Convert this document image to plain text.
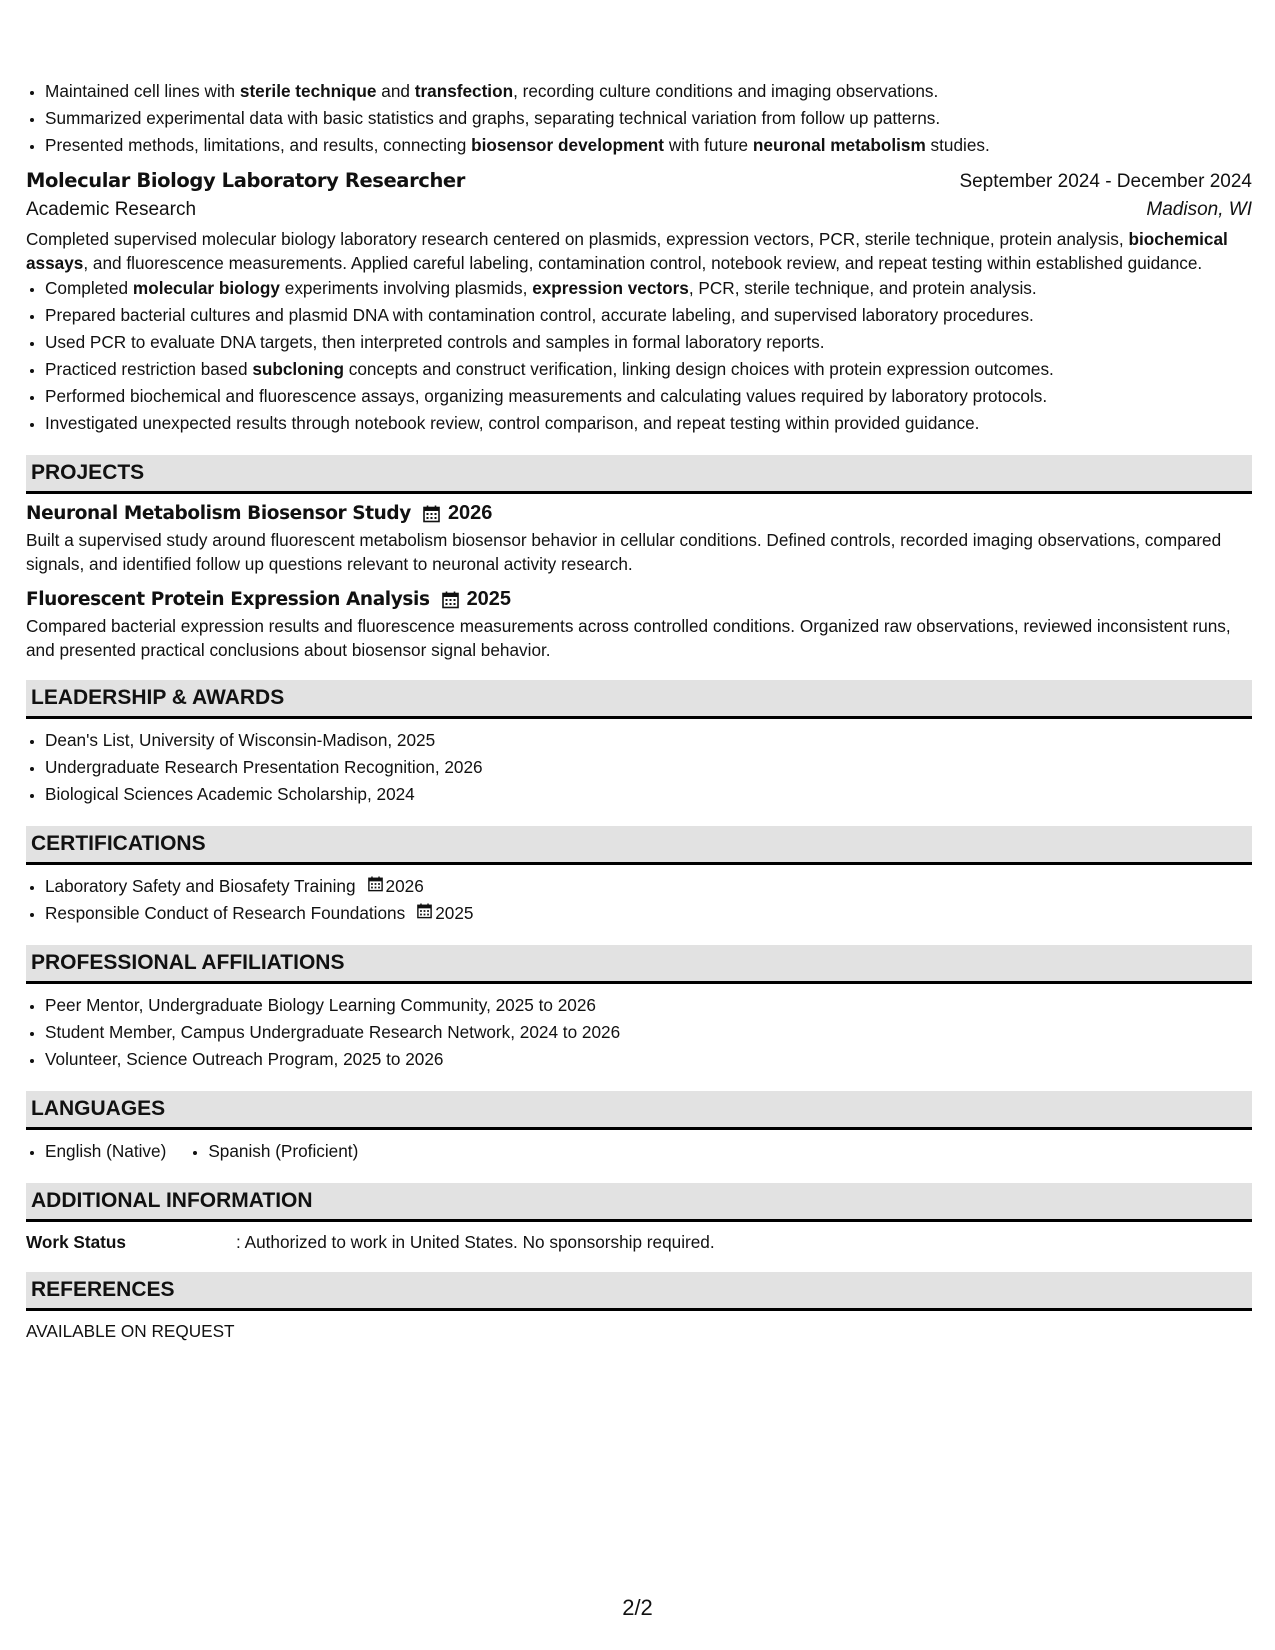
• Maintained cell lines with sterile technique and transfection, recording culture conditions and imaging observations.
• Summarized experimental data with basic statistics and graphs, separating technical variation from follow up patterns.
• Presented methods, limitations, and results, connecting biosensor development with future neuronal metabolism studies.
Molecular Biology Laboratory Researcher	September 2024 - December 2024
Academic Research	Madison, WI
Completed supervised molecular biology laboratory research centered on plasmids, expression vectors, PCR, sterile technique, protein analysis, biochemical assays, and fluorescence measurements. Applied careful labeling, contamination control, notebook review, and repeat testing within established guidance.
• Completed molecular biology experiments involving plasmids, expression vectors, PCR, sterile technique, and protein analysis.
• Prepared bacterial cultures and plasmid DNA with contamination control, accurate labeling, and supervised laboratory procedures.
• Used PCR to evaluate DNA targets, then interpreted controls and samples in formal laboratory reports.
• Practiced restriction based subcloning concepts and construct verification, linking design choices with protein expression outcomes.
• Performed biochemical and fluorescence assays, organizing measurements and calculating values required by laboratory protocols.
• Investigated unexpected results through notebook review, control comparison, and repeat testing within provided guidance.
PROJECTS
Neuronal Metabolism Biosensor Study 2026
Built a supervised study around fluorescent metabolism biosensor behavior in cellular conditions. Defined controls, recorded imaging observations, compared signals, and identified follow up questions relevant to neuronal activity research.
Fluorescent Protein Expression Analysis 2025
Compared bacterial expression results and fluorescence measurements across controlled conditions. Organized raw observations, reviewed inconsistent runs, and presented practical conclusions about biosensor signal behavior.
LEADERSHIP & AWARDS
• Dean's List, University of Wisconsin-Madison, 2025
• Undergraduate Research Presentation Recognition, 2026
• Biological Sciences Academic Scholarship, 2024
CERTIFICATIONS
• Laboratory Safety and Biosafety Training 2026
• Responsible Conduct of Research Foundations 2025
PROFESSIONAL AFFILIATIONS
• Peer Mentor, Undergraduate Biology Learning Community, 2025 to 2026
• Student Member, Campus Undergraduate Research Network, 2024 to 2026
• Volunteer, Science Outreach Program, 2025 to 2026
LANGUAGES
• English (Native)
• Spanish (Proficient)
ADDITIONAL INFORMATION
Work Status	: Authorized to work in United States. No sponsorship required.
REFERENCES
AVAILABLE ON REQUEST
2/2
